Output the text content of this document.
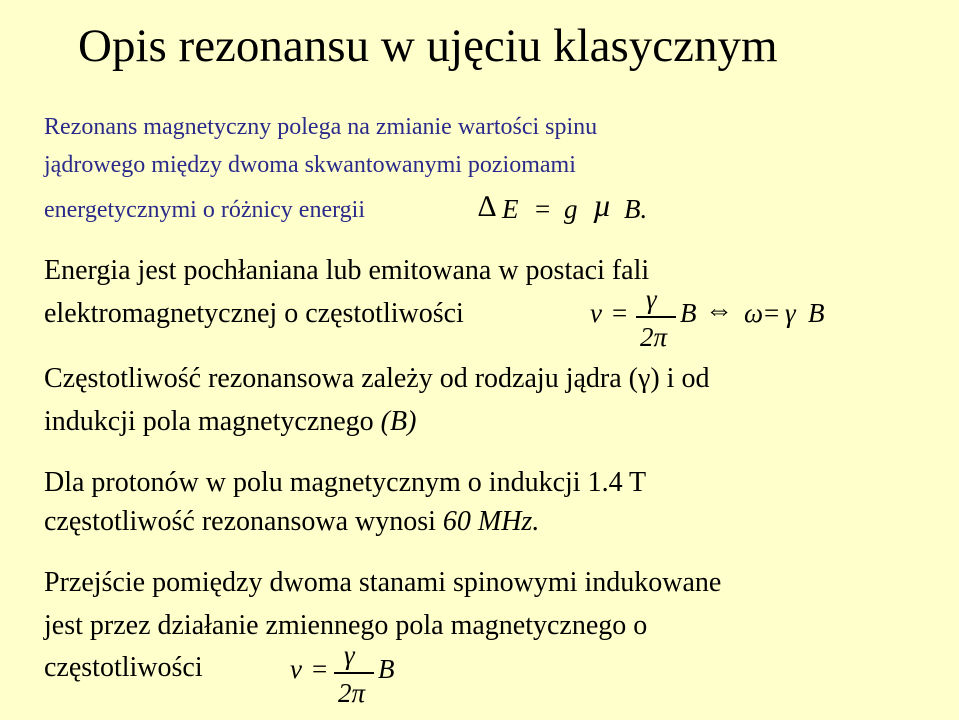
Opis rezonansu w ujęciu klasycznym
Rezonans magnetyczny polega na zmianie wartości spinu
jądrowego między dwoma skwantowanymi poziomami
energetycznymi o różnicy energii	∆ E = g µ B.
Energia jest pochłaniana lub emitowana w postaci fali
elektromagnetycznej o częstotliwości	ν = γ
2π
B ⇔ ω = γ B
Częstotliwość rezonansowa zależy od rodzaju jądra (γ) i od
indukcji pola magnetycznego (B)
Dla protonów w polu magnetycznym o indukcji 1.4 T
częstotliwość rezonansowa wynosi 60 MHz.
Przejście pomiędzy dwoma stanami spinowymi indukowane
jest przez działanie zmiennego pola magnetycznego o
częstotliwości	ν = γ
2π
B
